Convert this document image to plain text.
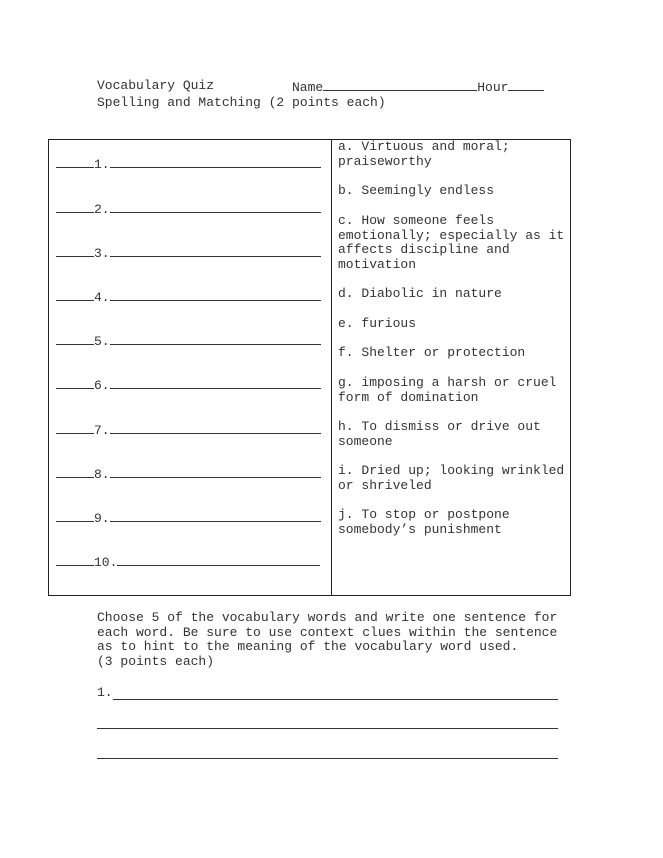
Vocabulary Quiz	Name	Hour
Spelling and Matching (2 points each)
1.
2.
3.
4.
5.
6.
7.
8.
9.
10.
a. Virtuous and moral; praiseworthy
b. Seemingly endless
c. How someone feels emotionally; especially as it affects discipline and motivation
d. Diabolic in nature
e. furious
f. Shelter or protection
g. imposing a harsh or cruel form of domination
h. To dismiss or drive out someone
i. Dried up; looking wrinkled or shriveled
j. To stop or postpone somebody’s punishment
Choose 5 of the vocabulary words and write one sentence for each word. Be sure to use context clues within the sentence as to hint to the meaning of the vocabulary word used.
(3 points each)
1.
